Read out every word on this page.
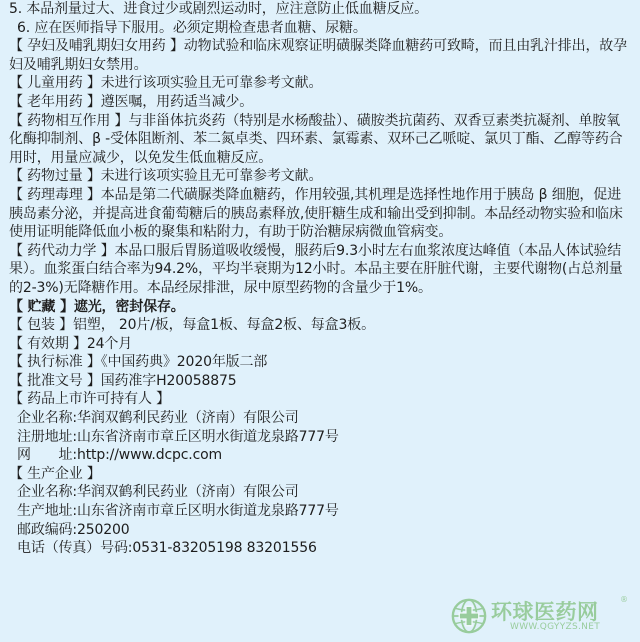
5. 本品剂量过大、进食过少或剧烈运动时，应注意防止低血糖反应。

6. 应在医师指导下服用。必须定期检查患者血糖、尿糖。

【 孕妇及哺乳期妇女用药 】动物试验和临床观察证明磺脲类降血糖药可致畸，而且由乳汁排出，故孕妇及哺乳期妇女禁用。

【 儿童用药 】未进行该项实验且无可靠参考文献。

【 老年用药 】遵医嘱，用药适当减少。

【 药物相互作用 】与非甾体抗炎药（特别是水杨酸盐）、磺胺类抗菌药、双香豆素类抗凝剂、单胺氧化酶抑制剂、β -受体阻断剂、苯二氮卓类、四环素、氯霉素、双环己乙哌啶、氯贝丁酯、乙醇等药合用时，用量应减少，以免发生低血糖反应。

【 药物过量 】未进行该项实验且无可靠参考文献。

【 药理毒理 】本品是第二代磺脲类降血糖药，作用较强,其机理是选择性地作用于胰岛 β 细胞，促进胰岛素分泌，并提高进食葡萄糖后的胰岛素释放,使肝糖生成和输出受到抑制。本品经动物实验和临床使用证明能降低血小板的聚集和粘附力，有助于防治糖尿病微血管病变。

【 药代动力学 】本品口服后胃肠道吸收缓慢，服药后9.3小时左右血浆浓度达峰值（本品人体试验结果）。血浆蛋白结合率为94.2%，平均半衰期为12小时。本品主要在肝脏代谢，主要代谢物(占总剂量的2-3%)无降糖作用。本品经尿排泄，尿中原型药物的含量少于1%。

【 贮藏 】遮光，密封保存。

【 包装 】铝塑， 20片/板，每盒1板、每盒2板、每盒3板。

【 有效期 】24个月

【 执行标准 】《中国药典》2020年版二部

【 批准文号 】国药准字H20058875

【 药品上市许可持有人 】

企业名称:华润双鹤利民药业（济南）有限公司

注册地址:山东省济南市章丘区明水街道龙泉路777号

网　　址:http://www.dcpc.com

【 生产企业 】

企业名称:华润双鹤利民药业（济南）有限公司

生产地址:山东省济南市章丘区明水街道龙泉路777号

邮政编码:250200

电话（传真）号码:0531-83205198 83201556

环球医药网
®
WWW.QGYYZS.NET
